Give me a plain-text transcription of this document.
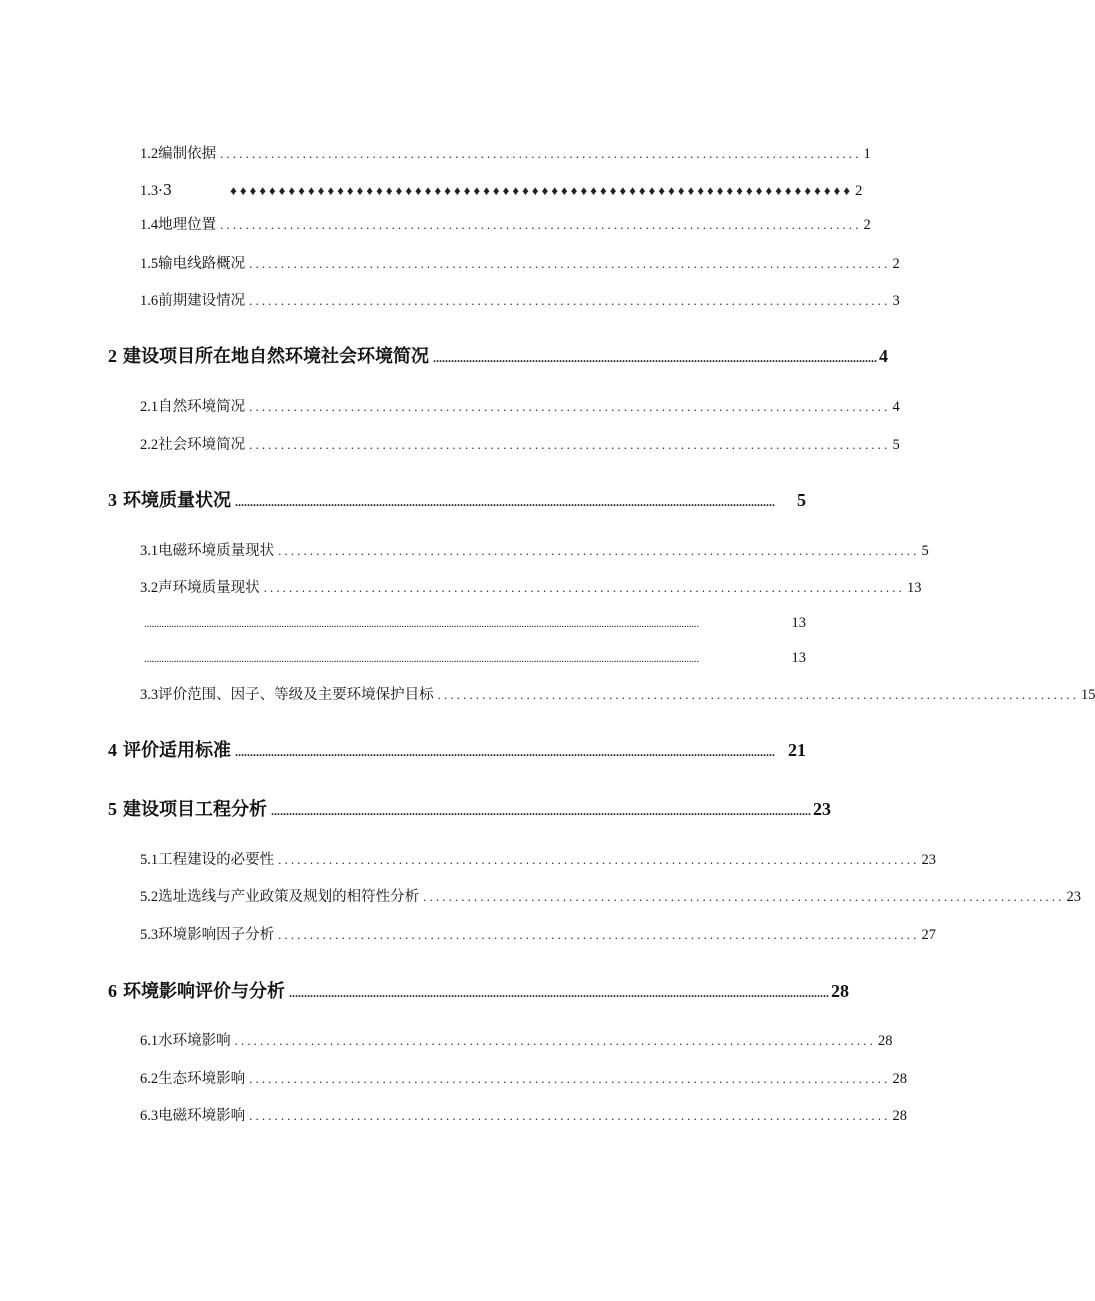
1.2 编制依据 ..................................................................................................... 1
1.3 ·3	♦♦♦♦♦♦♦♦♦♦♦♦♦♦♦♦♦♦♦♦♦♦♦♦♦♦♦♦♦♦♦♦♦♦♦♦♦♦♦♦♦♦♦♦♦♦♦♦♦♦♦♦♦♦♦♦♦♦♦♦♦♦♦♦ 2
1.4 地理位置 ..................................................................................................... 2
1.5 输电线路概况 ..................................................................................................... 2
1.6 前期建设情况 ..................................................................................................... 3
2 建设项目所在地自然环境社会环境简况 .................................................................................................................................................... 4
2.1 自然环境简况 ..................................................................................................... 4
2.2 社会环境简况 ..................................................................................................... 5
3 环境质量状况 ....................................................................................................................................................................................	5
3.1 电磁环境质量现状 ..................................................................................................... 5
3.2 声环境质量现状 ..................................................................................................... 13
..............................................................................................................................................................................................................................	13
..............................................................................................................................................................................................................................	13
3.3 评价范围、因子、等级及主要环境保护目标 ..................................................................................................... 15
4 评价适用标准 .................................................................................................................................................................................... 21
5 建设项目工程分析 .................................................................................................................................................................................... 23
5.1 工程建设的必要性 ..................................................................................................... 23
5.2 选址选线与产业政策及规划的相符性分析 ..................................................................................................... 23
5.3 环境影响因子分析 ..................................................................................................... 27
6 环境影响评价与分析 .................................................................................................................................................................................... 28
6.1 水环境影响 ..................................................................................................... 28
6.2 生态环境影响 ..................................................................................................... 28
6.3 电磁环境影响 ..................................................................................................... 28
